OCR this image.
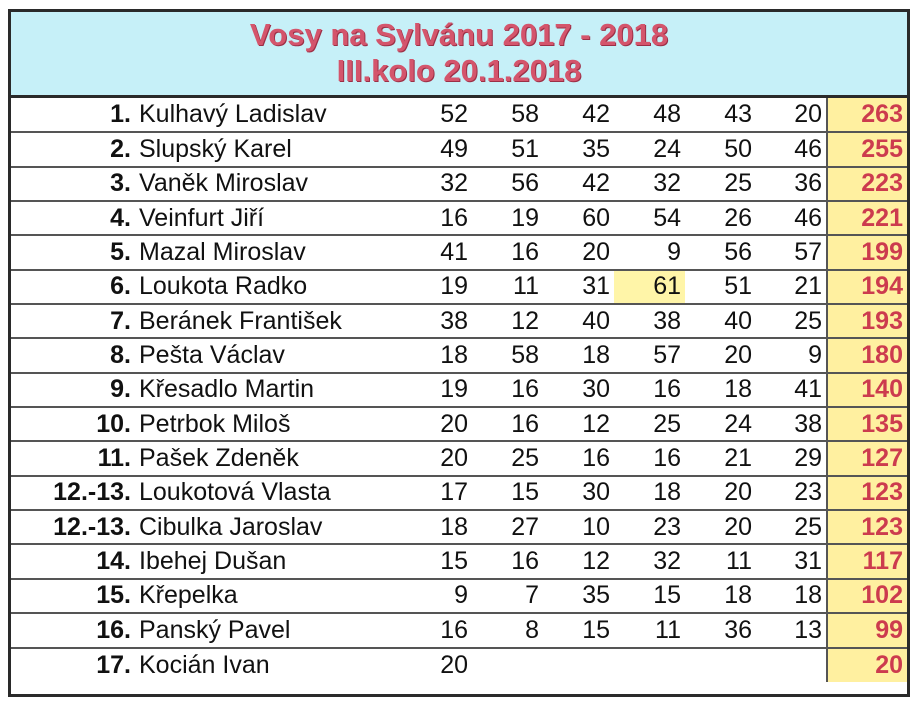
Vosy na Sylvánu 2017 - 2018
III.kolo 20.1.2018
1.	Kulhavý Ladislav	52	58	42	48	43	20	263
2.	Slupský Karel	49	51	35	24	50	46	255
3.	Vaněk Miroslav	32	56	42	32	25	36	223
4.	Veinfurt Jiří	16	19	60	54	26	46	221
5.	Mazal Miroslav	41	16	20	9	56	57	199
6.	Loukota Radko	19	11	31	61	51	21	194
7.	Beránek František	38	12	40	38	40	25	193
8.	Pešta Václav	18	58	18	57	20	9	180
9.	Křesadlo Martin	19	16	30	16	18	41	140
10.	Petrbok Miloš	20	16	12	25	24	38	135
11.	Pašek Zdeněk	20	25	16	16	21	29	127
12.-13.	Loukotová Vlasta	17	15	30	18	20	23	123
12.-13.	Cibulka Jaroslav	18	27	10	23	20	25	123
14.	Ibehej Dušan	15	16	12	32	11	31	117
15.	Křepelka	9	7	35	15	18	18	102
16.	Panský Pavel	16	8	15	11	36	13	99
17.	Kocián Ivan	20						20
